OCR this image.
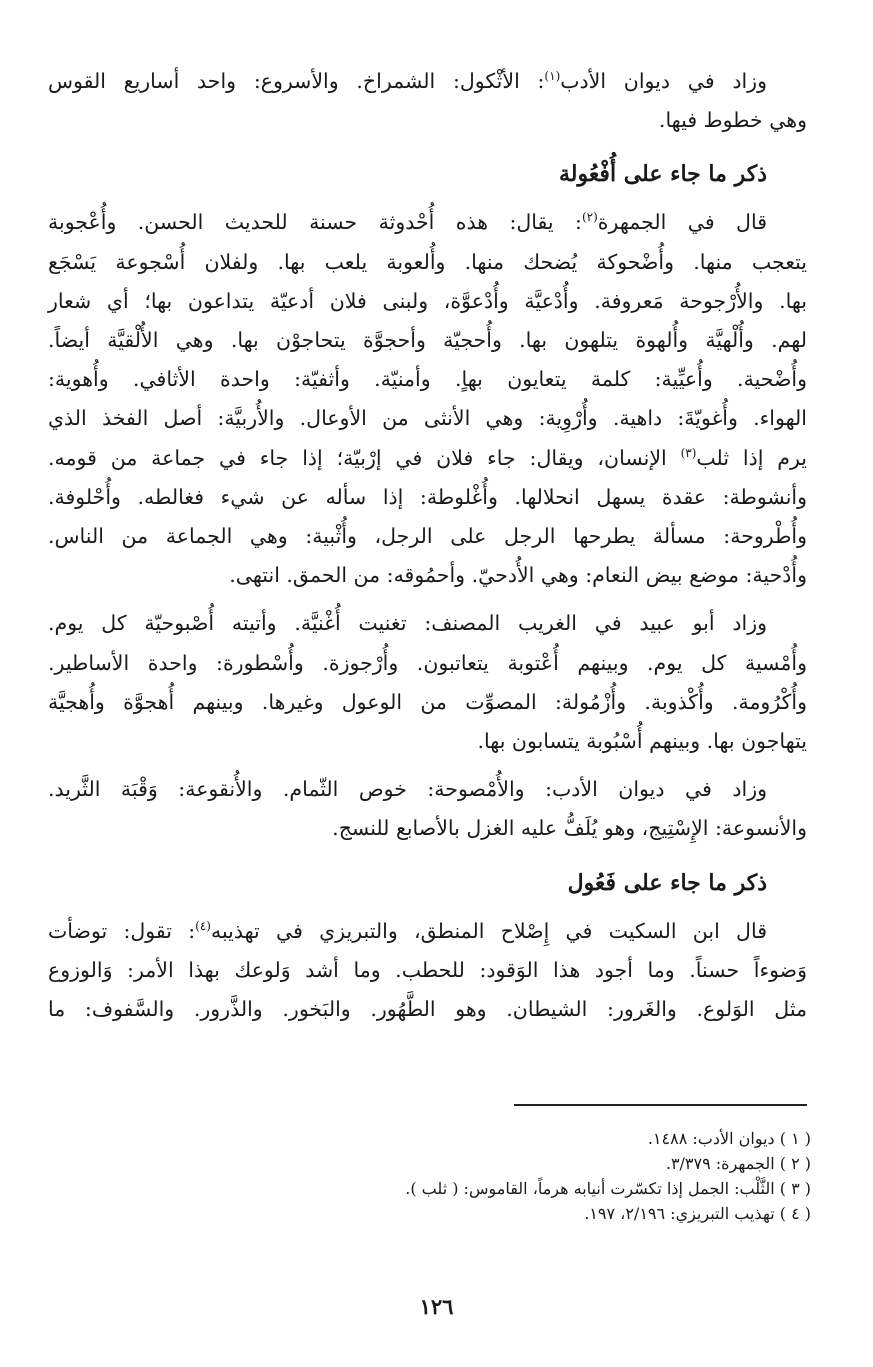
وزاد في ديوان الأدب$^{(١)}$: الأثْكول: الشمراخ. والأسروع: واحد أساريع القوس
وهي خطوط فيها.

ذكر ما جاء على أُفْعُولة

قال في الجمهرة$^{(٢)}$: يقال: هذه أُحْدوثة حسنة للحديث الحسن. وأُعْجوبة
يتعجب منها. وأُضْحوكة يُضحك منها. وأُلعوبة يلعب بها. ولفلان أُسْجوعة يَسْجَع
بها. والأُرْجوحة مَعروفة. وأُدْعيَّة وأُدْعوَّة، ولبنى فلان أدعيّة يتداعون بها؛ أي شعار
لهم. وأُلْهيَّة وأُلهوة يتلهون بها. وأُحجيّة وأحجوَّة يتحاجوْن بها. وهي الأُلْقيَّة أيضاً.
وأُضْحية. وأُعيِّية: كلمة يتعايون بهاٍ. وأمنيّة. وأثفيّة: واحدة الأثافي. وأُهوية:
الهواء. وأُغويّةَ: داهية. وأُرْوِية: وهي الأنثى من الأوعال. والأُربيَّة: أصل الفخذ الذي
يرم إذا ثلب$^{(٣)}$ الإنسان، ويقال: جاء فلان في إرْبيّة؛ إذا جاء في جماعة من قومه.
وأنشوطة: عقدة يسهل انحلالها. وأُغْلوطة: إذا سأله عن شيء فغالطه. وأُحْلوفة.
وأُطْروحة: مسألة يطرحها الرجل على الرجل، وأُثْبية: وهي الجماعة من الناس.
وأُدْحية: موضع بيض النعام: وهي الأُدحيّ. وأحمُوقه: من الحمق. انتهى.

وزاد أبو عبيد في الغريب المصنف: تغنيت أُغْنيَّة. وأتيته أُصْبوحيّة كل يوم.
وأُمْسية كل يوم. وبينهم أُعْتوبة يتعاتبون. وأُرْجوزة. وأُسْطورة: واحدة الأساطير.
وأُكْرُومة. وأُكْذوبة. وأُزْمُولة: المصوِّت من الوعول وغيرها. وبينهم أُهجوَّة وأُهجيَّة
يتهاجون بها. وبينهم أُسْبُوبة يتسابون بها.

وزاد في ديوان الأدب: والأُمْصوحة: خوص الثّمام. والأُنقوعة: وَقْبَة الثَّريد.
والأنسوعة: الإِسْتِيج، وهو يُلَفُّ عليه الغزل بالأصابع للنسج.

ذكر ما جاء على فَعُول

قال ابن السكيت في إِصْلاح المنطق، والتبريزي في تهذيبه$^{(٤)}$: تقول: توضأت
وَضوءاً حسناً. وما أجود هذا الوَقود: للحطب. وما أشد وَلوعك بهذا الأمر: وَالوزوع
مثل الوَلوع. والغَرور: الشيطان. وهو الطَّهُور. والبَخور. والذَّرور. والسَّفوف: ما

( ١ ) ديوان الأدب: ١٤٨٨.
( ٢ ) الجمهرة: ٣/٣٧٩.
( ٣ ) الثَّلْب: الجمل إذا تكسّرت أنيابه هرماً، القاموس: ( ثلب ).
( ٤ ) تهذيب التبريزي: ٢/١٩٦، ١٩٧.
١٢٦
